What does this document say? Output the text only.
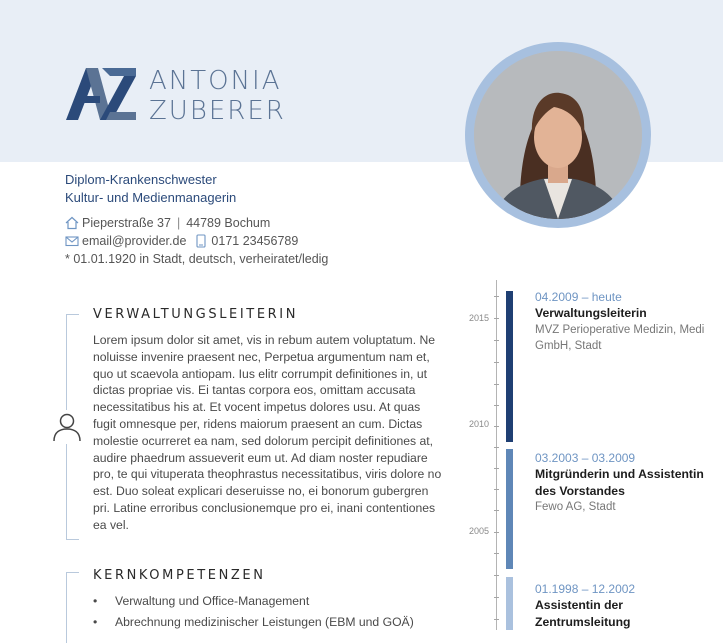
ANTONIA
ZUBERER
Diplom-Krankenschwester
Kultur- und Medienmanagerin
Pieperstraße 37 | 44789 Bochum
email@provider.de 0171 23456789
* 01.01.1920 in Stadt, deutsch, verheiratet/ledig
VERWALTUNGSLEITERIN
Lorem ipsum dolor sit amet, vis in rebum autem voluptatum. Ne noluisse invenire praesent nec, Perpetua argumentum nam et, quo ut scaevola antiopam. Ius elitr corrumpit definitiones in, ut dictas propriae vis. Ei tantas corpora eos, omittam accusata necessitatibus his at. Et vocent impetus dolores usu. At quas fugit omnesque per, ridens maiorum praesent an cum. Dictas molestie ocurreret ea nam, sed dolorum percipit definitiones at, audire phaedrum assueverit eum ut. Ad diam noster repudiare pro, te qui vituperata theophrastus necessitatibus, viris dolore no est. Duo soleat explicari deseruisse no, ei bonorum gubergren pri. Latine erroribus conclusionemque pro ei, inani contentiones ea vel.
KERNKOMPETENZEN
• Verwaltung und Office-Management
• Abrechnung medizinischer Leistungen (EBM und GOÄ)
2015
2010
2005
04.2009 – heute
Verwaltungsleiterin
MVZ Perioperative Medizin, Medi GmbH, Stadt
03.2003 – 03.2009
Mitgründerin und Assistentin des Vorstandes
Fewo AG, Stadt
01.1998 – 12.2002
Assistentin der Zentrumsleitung
